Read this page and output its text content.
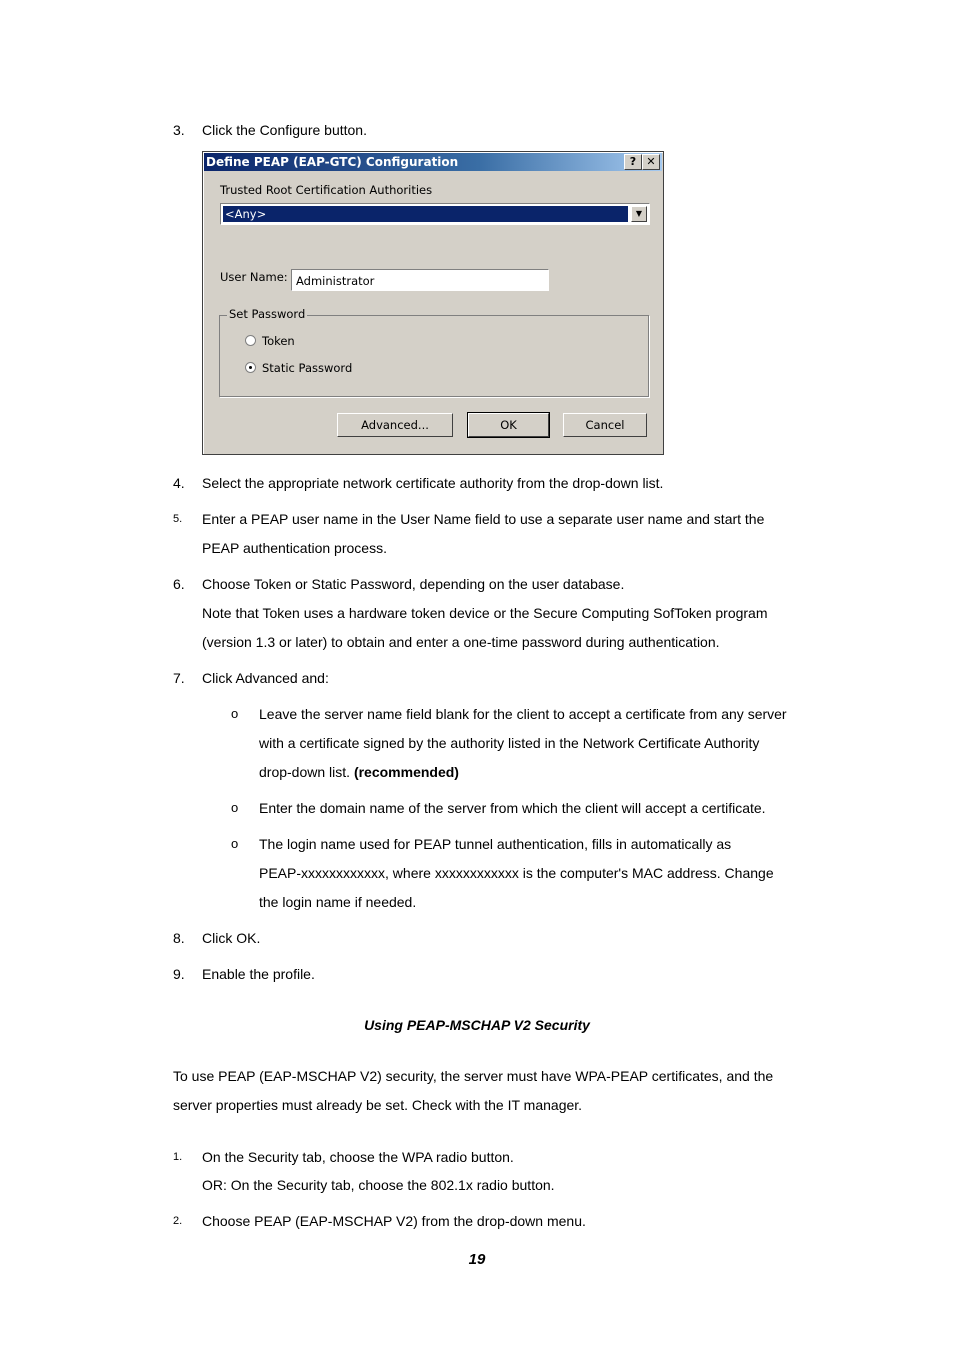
3. Click the Configure button.
Define PEAP (EAP-GTC) Configuration	? ✕
Trusted Root Certification Authorities
<Any>	▼
User Name: Administrator
Set Password
Token
Static Password
Advanced...	OK	Cancel
4. Select the appropriate network certificate authority from the drop-down list.
5. Enter a PEAP user name in the User Name field to use a separate user name and start the
PEAP authentication process.
6. Choose Token or Static Password, depending on the user database.
Note that Token uses a hardware token device or the Secure Computing SofToken program
(version 1.3 or later) to obtain and enter a one-time password during authentication.
7. Click Advanced and:
o Leave the server name field blank for the client to accept a certificate from any server
with a certificate signed by the authority listed in the Network Certificate Authority
drop-down list. (recommended)
o Enter the domain name of the server from which the client will accept a certificate.
o The login name used for PEAP tunnel authentication, fills in automatically as
PEAP-xxxxxxxxxxxx, where xxxxxxxxxxxx is the computer's MAC address. Change
the login name if needed.
8. Click OK.
9. Enable the profile.
Using PEAP-MSCHAP V2 Security
To use PEAP (EAP-MSCHAP V2) security, the server must have WPA-PEAP certificates, and the
server properties must already be set. Check with the IT manager.
1. On the Security tab, choose the WPA radio button.
OR: On the Security tab, choose the 802.1x radio button.
2. Choose PEAP (EAP-MSCHAP V2) from the drop-down menu.
19
